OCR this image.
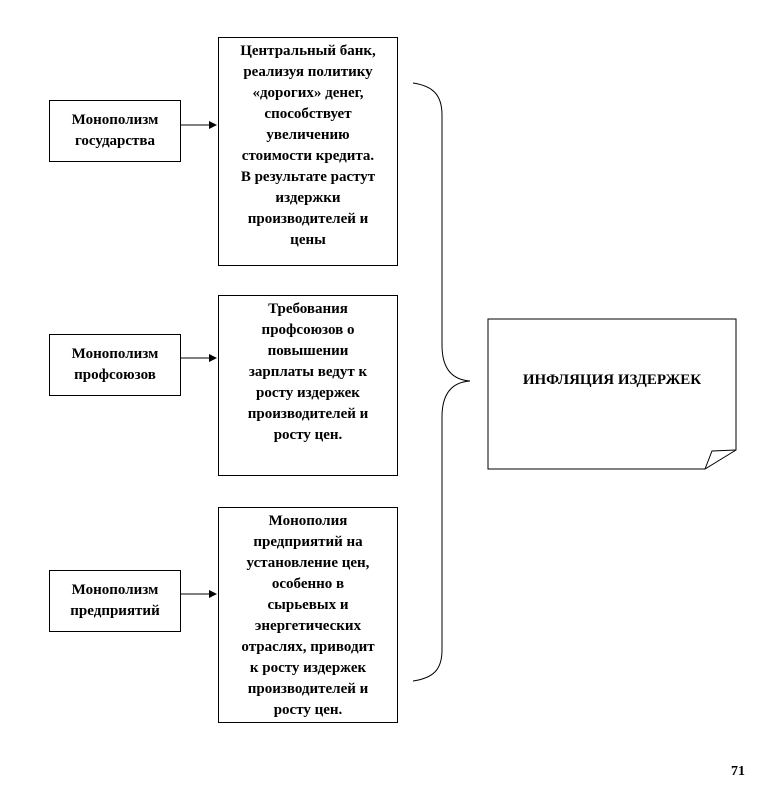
Монополизм
государства
Монополизм
профсоюзов
Монополизм
предприятий
Центральный банк,
реализуя политику
«дорогих» денег,
способствует
увеличению
стоимости кредита.
В результате растут
издержки
производителей и
цены
Требования
профсоюзов о
повышении
зарплаты ведут к
росту издержек
производителей и
росту цен.
Монополия
предприятий на
установление цен,
особенно в
сырьевых и
энергетических
отраслях, приводит
к росту издержек
производителей и
росту цен.
ИНФЛЯЦИЯ ИЗДЕРЖЕК
71
